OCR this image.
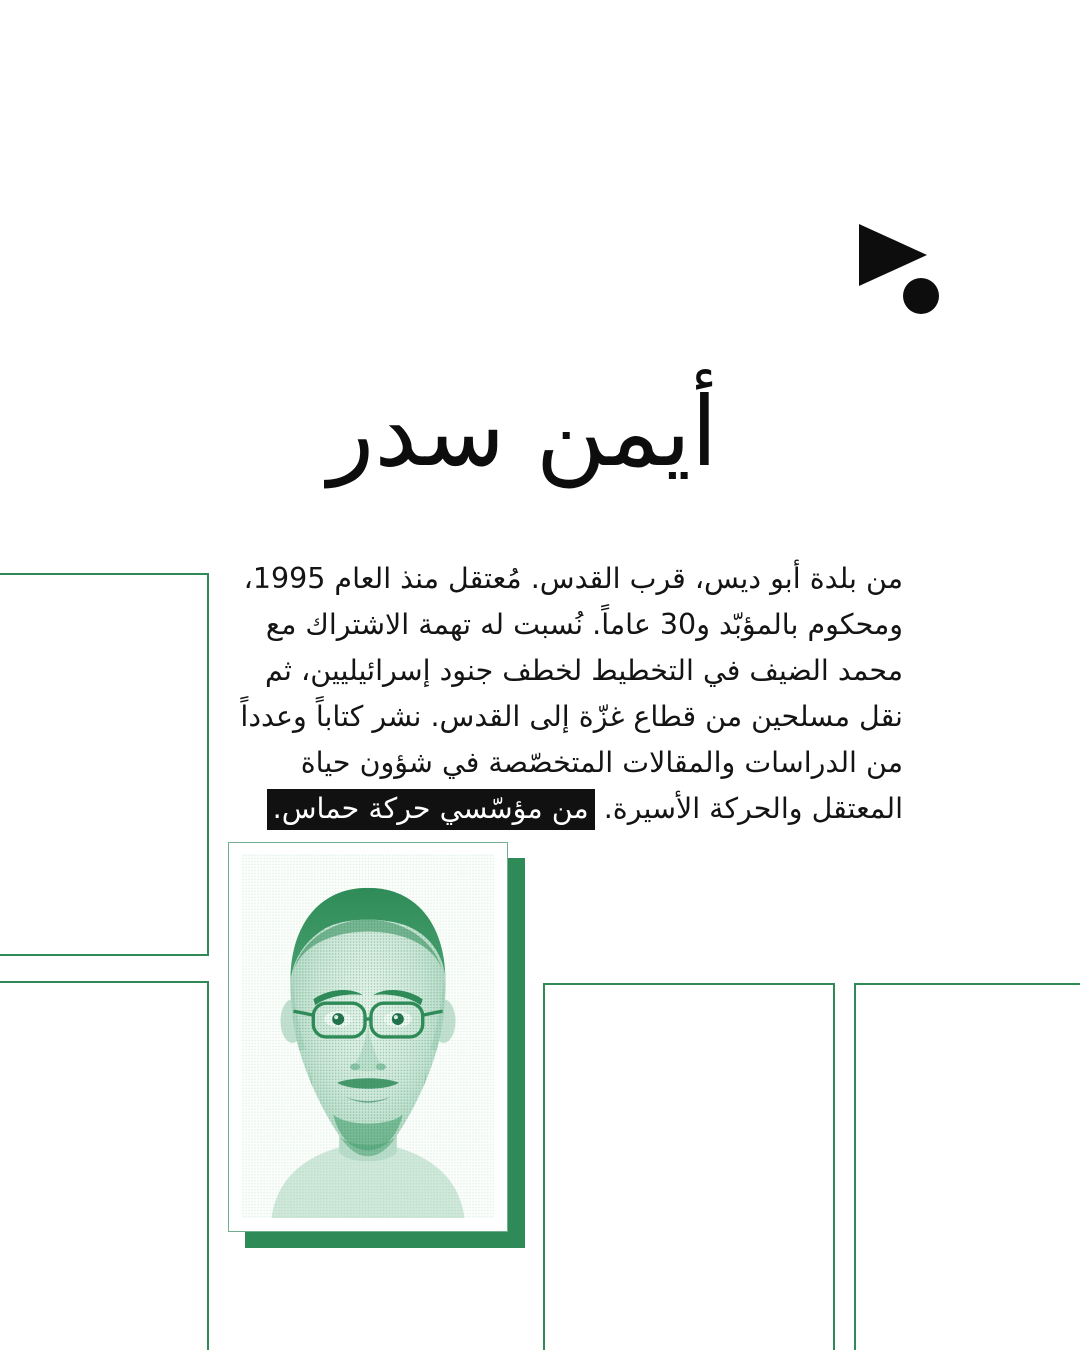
أيمن سدر
من بلدة أبو ديس، قرب القدس. مُعتقل منذ العام 1995، ومحكوم بالمؤبّد و30 عاماً. نُسبت له تهمة الاشتراك مع محمد الضيف في التخطيط لخطف جنود إسرائيليين، ثم نقل مسلحين من قطاع غزّة إلى القدس. نشر كتاباً وعدداً من الدراسات والمقالات المتخصّصة في شؤون حياة المعتقل والحركة الأسيرة. من مؤسّسي حركة حماس.
